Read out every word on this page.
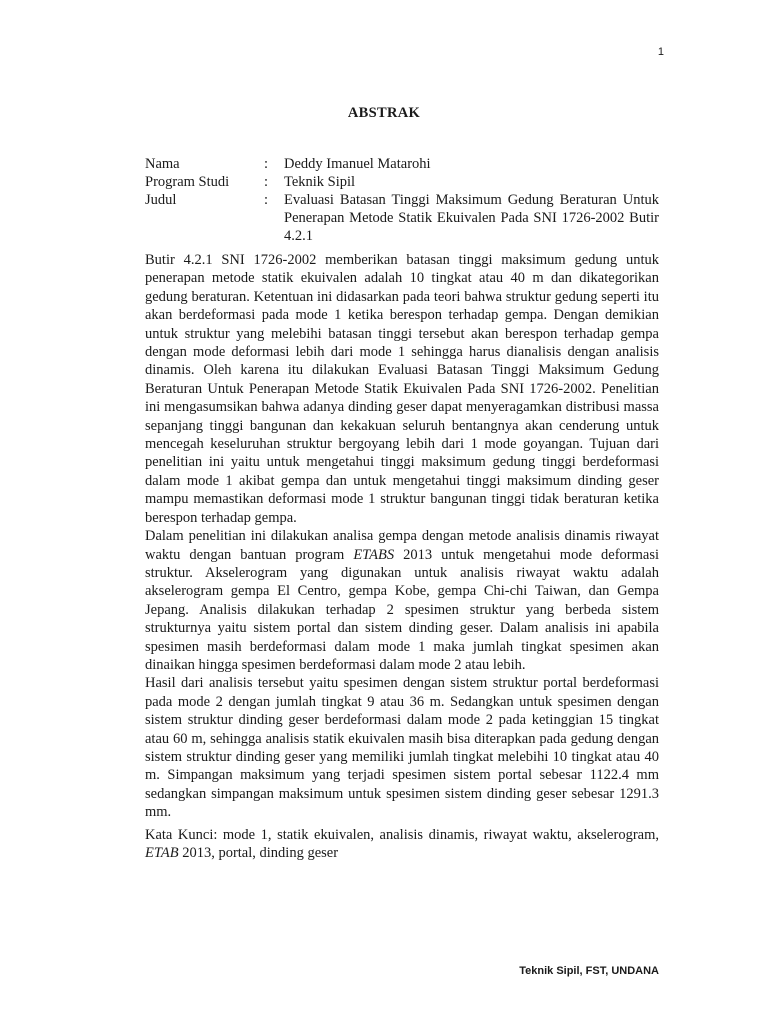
1
ABSTRAK
Nama	:	Deddy Imanuel Matarohi
Program Studi	:	Teknik Sipil
Judul	:	Evaluasi Batasan Tinggi Maksimum Gedung Beraturan Untuk Penerapan Metode Statik Ekuivalen Pada SNI 1726-2002 Butir 4.2.1

Butir 4.2.1 SNI 1726-2002 memberikan batasan tinggi maksimum gedung untuk penerapan metode statik ekuivalen adalah 10 tingkat atau 40 m dan dikategorikan gedung beraturan. Ketentuan ini didasarkan pada teori bahwa struktur gedung seperti itu akan berdeformasi pada mode 1 ketika berespon terhadap gempa. Dengan demikian untuk struktur yang melebihi batasan tinggi tersebut akan berespon terhadap gempa dengan mode deformasi lebih dari mode 1 sehingga harus dianalisis dengan analisis dinamis. Oleh karena itu dilakukan Evaluasi Batasan Tinggi Maksimum Gedung Beraturan Untuk Penerapan Metode Statik Ekuivalen Pada SNI 1726-2002. Penelitian ini mengasumsikan bahwa adanya dinding geser dapat menyeragamkan distribusi massa sepanjang tinggi bangunan dan kekakuan seluruh bentangnya akan cenderung untuk mencegah keseluruhan struktur bergoyang lebih dari 1 mode goyangan. Tujuan dari penelitian ini yaitu untuk mengetahui tinggi maksimum gedung tinggi berdeformasi dalam mode 1 akibat gempa dan untuk mengetahui tinggi maksimum dinding geser mampu memastikan deformasi mode 1 struktur bangunan tinggi tidak beraturan ketika berespon terhadap gempa.

Dalam penelitian ini dilakukan analisa gempa dengan metode analisis dinamis riwayat waktu dengan bantuan program ETABS 2013 untuk mengetahui mode deformasi struktur. Akselerogram yang digunakan untuk analisis riwayat waktu adalah akselerogram gempa El Centro, gempa Kobe, gempa Chi-chi Taiwan, dan Gempa Jepang. Analisis dilakukan terhadap 2 spesimen struktur yang berbeda sistem strukturnya yaitu sistem portal dan sistem dinding geser. Dalam analisis ini apabila spesimen masih berdeformasi dalam mode 1 maka jumlah tingkat spesimen akan dinaikan hingga spesimen berdeformasi dalam mode 2 atau lebih.

Hasil dari analisis tersebut yaitu spesimen dengan sistem struktur portal berdeformasi pada mode 2 dengan jumlah tingkat 9 atau 36 m. Sedangkan untuk spesimen dengan sistem struktur dinding geser berdeformasi dalam mode 2 pada ketinggian 15 tingkat atau 60 m, sehingga analisis statik ekuivalen masih bisa diterapkan pada gedung dengan sistem struktur dinding geser yang memiliki jumlah tingkat melebihi 10 tingkat atau 40 m. Simpangan maksimum yang terjadi spesimen sistem portal sebesar 1122.4 mm sedangkan simpangan maksimum untuk spesimen sistem dinding geser sebesar 1291.3 mm.

Kata Kunci: mode 1, statik ekuivalen, analisis dinamis, riwayat waktu, akselerogram, ETAB 2013, portal, dinding geser
Teknik Sipil, FST, UNDANA
